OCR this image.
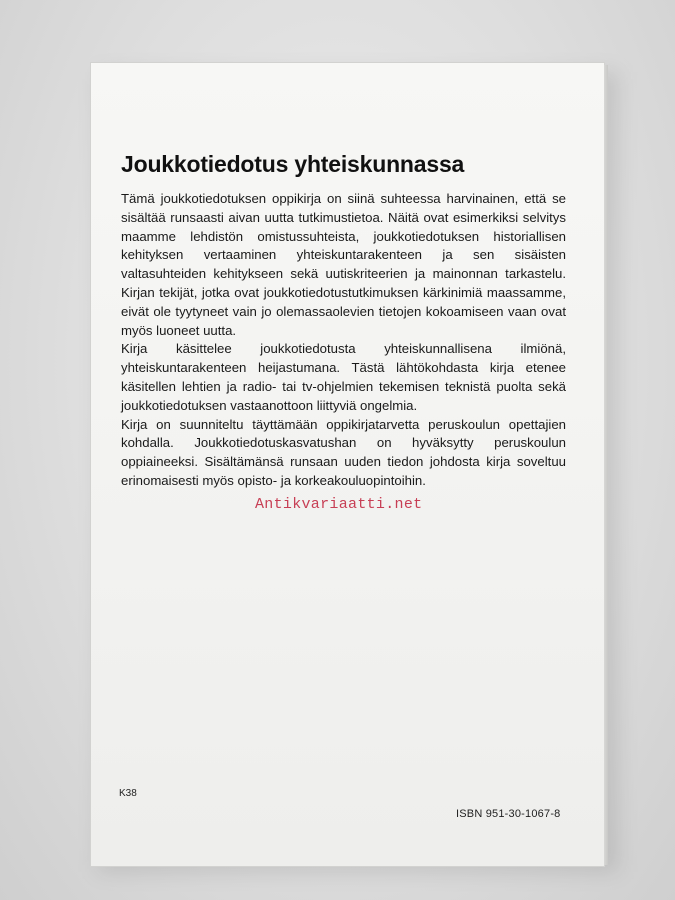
Joukkotiedotus yhteiskunnassa

Tämä joukkotiedotuksen oppikirja on siinä suhteessa harvinainen, että se sisältää runsaasti aivan uutta tutkimustietoa. Näitä ovat esimerkiksi selvitys maamme lehdistön omistussuhteista, joukkotiedotuksen historiallisen kehityksen vertaaminen yhteiskuntarakenteen ja sen sisäisten valtasuhteiden kehitykseen sekä uutiskriteerien ja mainonnan tarkastelu. Kirjan tekijät, jotka ovat joukkotiedotustutkimuksen kärkinimiä maassamme, eivät ole tyytyneet vain jo olemassaolevien tietojen kokoamiseen vaan ovat myös luoneet uutta.

Kirja käsittelee joukkotiedotusta yhteiskunnallisena ilmiönä, yhteiskuntarakenteen heijastumana. Tästä lähtökohdasta kirja etenee käsitellen lehtien ja radio- tai tv-ohjelmien tekemisen teknistä puolta sekä joukkotiedotuksen vastaanottoon liittyviä ongelmia.

Kirja on suunniteltu täyttämään oppikirjatarvetta peruskoulun opettajien kohdalla. Joukkotiedotuskasvatushan on hyväksytty peruskoulun oppiaineeksi. Sisältämänsä runsaan uuden tiedon johdosta kirja soveltuu erinomaisesti myös opisto- ja korkeakouluopintoihin.

Antikvariaatti.net
K38
ISBN 951-30-1067-8
